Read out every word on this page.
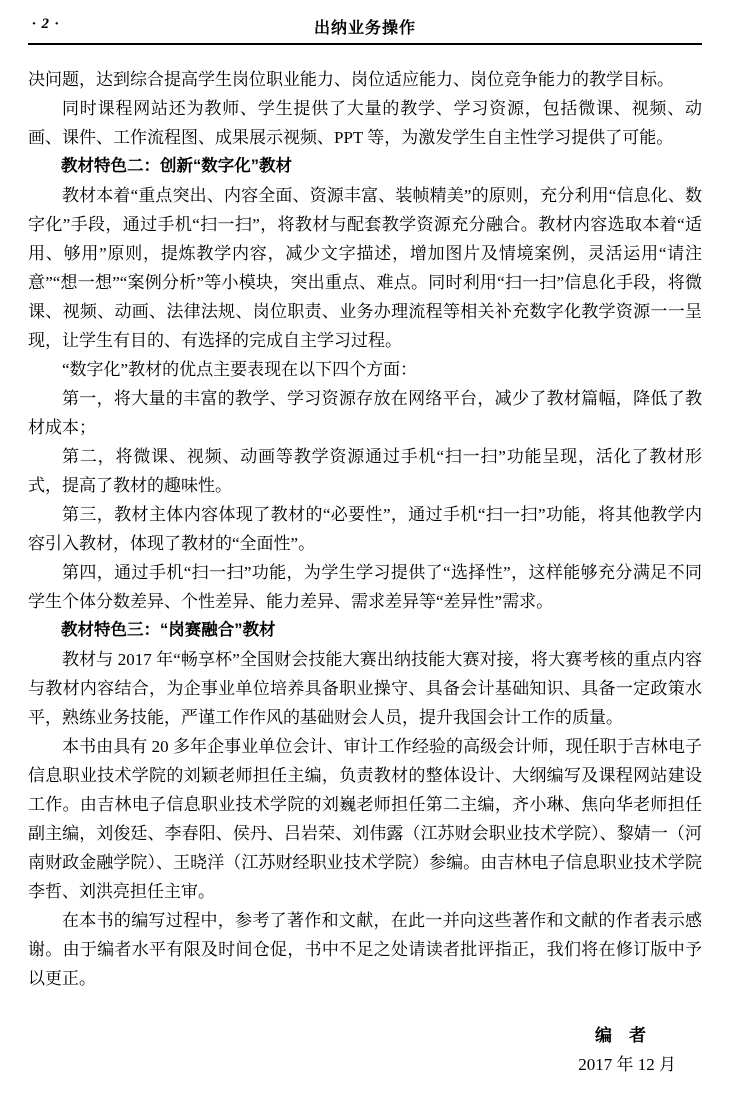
· 2 ·	出纳业务操作

决问题，达到综合提高学生岗位职业能力、岗位适应能力、岗位竞争能力的教学目标。

同时课程网站还为教师、学生提供了大量的教学、学习资源，包括微课、视频、动画、课件、工作流程图、成果展示视频、PPT 等，为激发学生自主性学习提供了可能。

教材特色二：创新“数字化”教材

教材本着“重点突出、内容全面、资源丰富、装帧精美”的原则，充分利用“信息化、数字化”手段，通过手机“扫一扫”，将教材与配套教学资源充分融合。教材内容选取本着“适用、够用”原则，提炼教学内容，减少文字描述，增加图片及情境案例，灵活运用“请注意”“想一想”“案例分析”等小模块，突出重点、难点。同时利用“扫一扫”信息化手段，将微课、视频、动画、法律法规、岗位职责、业务办理流程等相关补充数字化教学资源一一呈现，让学生有目的、有选择的完成自主学习过程。

“数字化”教材的优点主要表现在以下四个方面：

第一，将大量的丰富的教学、学习资源存放在网络平台，减少了教材篇幅，降低了教材成本；

第二，将微课、视频、动画等教学资源通过手机“扫一扫”功能呈现，活化了教材形式，提高了教材的趣味性。

第三，教材主体内容体现了教材的“必要性”，通过手机“扫一扫”功能，将其他教学内容引入教材，体现了教材的“全面性”。

第四，通过手机“扫一扫”功能，为学生学习提供了“选择性”，这样能够充分满足不同学生个体分数差异、个性差异、能力差异、需求差异等“差异性”需求。

教材特色三：“岗赛融合”教材

教材与 2017 年“畅享杯”全国财会技能大赛出纳技能大赛对接，将大赛考核的重点内容与教材内容结合，为企事业单位培养具备职业操守、具备会计基础知识、具备一定政策水平，熟练业务技能，严谨工作作风的基础财会人员，提升我国会计工作的质量。

本书由具有 20 多年企事业单位会计、审计工作经验的高级会计师，现任职于吉林电子信息职业技术学院的刘颖老师担任主编，负责教材的整体设计、大纲编写及课程网站建设工作。由吉林电子信息职业技术学院的刘巍老师担任第二主编，齐小琳、焦向华老师担任副主编，刘俊廷、李春阳、侯丹、吕岩荣、刘伟露（江苏财会职业技术学院）、黎婧一（河南财政金融学院）、王晓洋（江苏财经职业技术学院）参编。由吉林电子信息职业技术学院李哲、刘洪亮担任主审。

在本书的编写过程中，参考了著作和文献，在此一并向这些著作和文献的作者表示感谢。由于编者水平有限及时间仓促，书中不足之处请读者批评指正，我们将在修订版中予以更正。

编　者

2017 年 12 月
